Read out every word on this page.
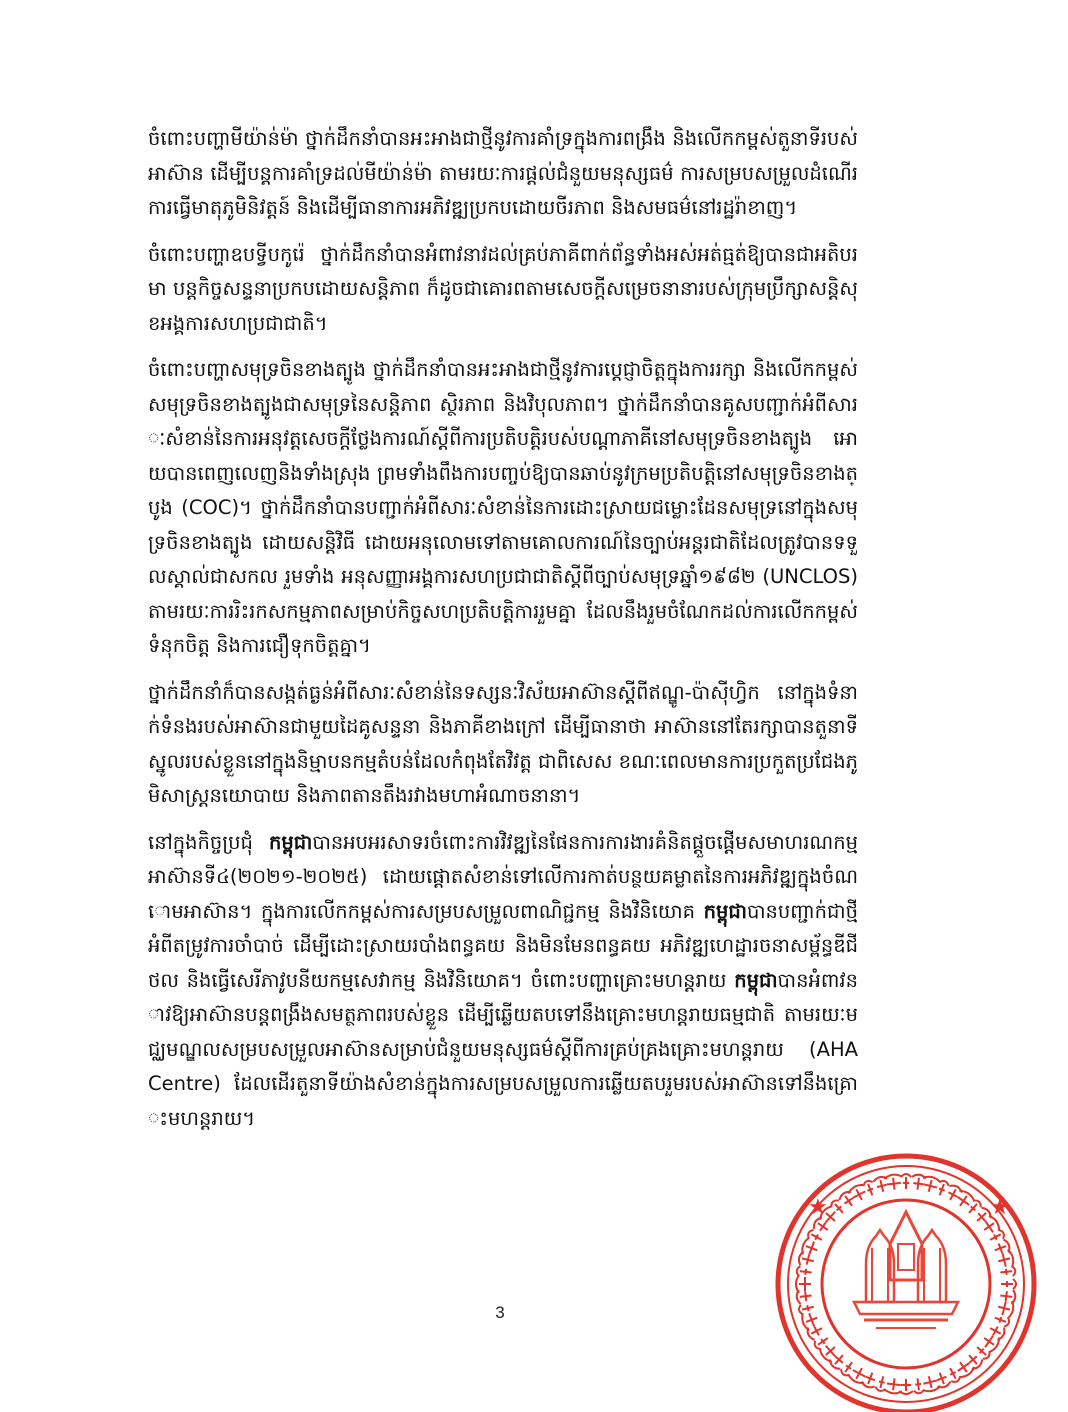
ចំពោះបញ្ហាមីយ៉ាន់ម៉ា ថ្នាក់ដឹកនាំបានអះអាងជាថ្មីនូវការគាំទ្រក្នុងការពង្រឹង និងលើកកម្ពស់តួនាទីរបស់អាស៊ាន ដើម្បីបន្តការគាំទ្រដល់មីយ៉ាន់ម៉ា តាមរយៈការផ្តល់ជំនួយមនុស្សធម៌ ការសម្របសម្រួលដំណើរការធ្វើមាតុភូមិនិវត្តន៍ និងដើម្បីធានាការអភិវឌ្ឍប្រកបដោយចីរភាព និងសមធម៌នៅរដ្ឋរ៉ាខាញ។

ចំពោះបញ្ហាឧបទ្វីបកូរ៉េ ថ្នាក់ដឹកនាំបានអំពាវនាវដល់គ្រប់ភាគីពាក់ព័ន្ធទាំងអស់អត់ធ្មត់ឱ្យបានជាអតិបរមា បន្តកិច្ចសន្ទនាប្រកបដោយសន្តិភាព ក៏ដូចជាគោរពតាមសេចក្តីសម្រេចនានារបស់ក្រុមប្រឹក្សាសន្តិសុខអង្គការសហប្រជាជាតិ។

ចំពោះបញ្ហាសមុទ្រចិនខាងត្បូង ថ្នាក់ដឹកនាំបានអះអាងជាថ្មីនូវការប្តេជ្ញាចិត្តក្នុងការរក្សា និងលើកកម្ពស់សមុទ្រចិនខាងត្បូងជាសមុទ្រនៃសន្តិភាព ស្ថិរភាព និងវិបុលភាព។ ថ្នាក់ដឹកនាំបានគូសបញ្ជាក់អំពីសារៈសំខាន់នៃការអនុវត្តសេចក្តីថ្លែងការណ៍ស្តីពីការប្រតិបត្តិរបស់បណ្តាភាគីនៅសមុទ្រចិនខាងត្បូង អោយបានពេញលេញនិងទាំងស្រុង ព្រមទាំងពឹងការបញ្ចប់ឱ្យបានឆាប់នូវក្រមប្រតិបត្តិនៅសមុទ្រចិនខាងត្បូង (COC)។ ថ្នាក់ដឹកនាំបានបញ្ជាក់អំពីសារៈសំខាន់នៃការដោះស្រាយជម្លោះដែនសមុទ្រនៅក្នុងសមុទ្រចិនខាងត្បូង ដោយសន្តិវិធី ដោយអនុលោមទៅតាមគោលការណ៍នៃច្បាប់អន្តរជាតិដែលត្រូវបានទទួលស្គាល់ជាសកល រួមទាំង អនុសញ្ញាអង្គការសហប្រជាជាតិស្តីពីច្បាប់សមុទ្រឆ្នាំ១៩៨២ (UNCLOS) តាមរយៈការរិះរកសកម្មភាពសម្រាប់កិច្ចសហប្រតិបត្តិការរួមគ្នា ដែលនឹងរួមចំណែកដល់ការលើកកម្ពស់ទំនុកចិត្ត និងការជឿទុកចិត្តគ្នា។

ថ្នាក់ដឹកនាំក៏បានសង្កត់ធ្ងន់អំពីសារៈសំខាន់នៃទស្សនៈវិស័យអាស៊ានស្តីពីឥណ្ឌូ-ប៉ាស៊ីហ្វិក នៅក្នុងទំនាក់ទំនងរបស់អាស៊ានជាមួយដៃគូសន្ទនា និងភាគីខាងក្រៅ ដើម្បីធានាថា អាស៊ាននៅតែរក្សាបានតួនាទីស្នូលរបស់ខ្លួននៅក្នុងនិម្មាបនកម្មតំបន់ដែលកំពុងតែវិវត្ត ជាពិសេស ខណៈពេលមានការប្រកួតប្រជែងភូមិសាស្ត្រនយោបាយ និងភាពតានតឹងរវាងមហាអំណាចនានា។

នៅក្នុងកិច្ចប្រជុំ កម្ពុជាបានអបអរសាទរចំពោះការវិវឌ្ឍនៃផែនការការងារគំនិតផ្តួចផ្តើមសមាហរណកម្មអាស៊ានទី៤(២០២១-២០២៥) ដោយផ្តោតសំខាន់ទៅលើការកាត់បន្ថយគម្លាតនៃការអភិវឌ្ឍក្នុងចំណោមអាស៊ាន។ ក្នុងការលើកកម្ពស់ការសម្របសម្រួលពាណិជ្ជកម្ម និងវិនិយោគ កម្ពុជាបានបញ្ជាក់ជាថ្មីអំពីតម្រូវការចាំបាច់ ដើម្បីដោះស្រាយរបាំងពន្ធគយ និងមិនមែនពន្ធគយ អភិវឌ្ឍហេដ្ឋារចនាសម្ព័ន្ធឌីជីថល និងធ្វើសេរីភាវូបនីយកម្មសេវាកម្ម និងវិនិយោគ។ ចំពោះបញ្ហាគ្រោះមហន្តរាយ កម្ពុជាបានអំពាវនាវឱ្យអាស៊ានបន្តពង្រឹងសមត្ថភាពរបស់ខ្លួន ដើម្បីឆ្លើយតបទៅនឹងគ្រោះមហន្តរាយធម្មជាតិ តាមរយៈមជ្ឈមណ្ឌលសម្របសម្រួលអាស៊ានសម្រាប់ជំនួយមនុស្សធម៌ស្តីពីការគ្រប់គ្រងគ្រោះមហន្តរាយ (AHA Centre) ដែលដើរតួនាទីយ៉ាងសំខាន់ក្នុងការសម្របសម្រួលការឆ្លើយតបរួមរបស់អាស៊ានទៅនឹងគ្រោះមហន្តរាយ។

3
★	★
